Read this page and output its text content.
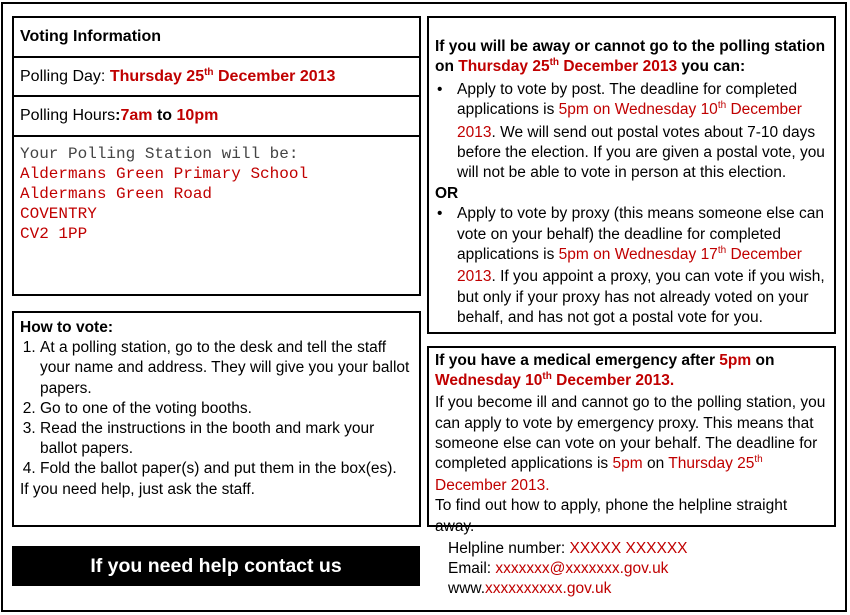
Voting Information
Polling Day:
Thursday 25th December 2013
Polling Hours : 7am to 10pm
Your Polling Station will be:
Aldermans Green Primary School
Aldermans Green Road
COVENTRY
CV2 1PP
How to vote:
1. At a polling station, go to the desk and tell the staff your name and address. They will give you your ballot papers.
2. Go to one of the voting booths.
3. Read the instructions in the booth and mark your ballot papers.
4. Fold the ballot paper(s) and put them in the box(es).
If you need help, just ask the staff.
If you will be away or cannot go to the polling station on Thursday 25th December 2013 you can:
• Apply to vote by post. The deadline for completed applications is 5pm on Wednesday 10th December 2013. We will send out postal votes about 7-10 days before the election. If you are given a postal vote, you will not be able to vote in person at this election.
OR
• Apply to vote by proxy (this means someone else can vote on your behalf) the deadline for completed applications is 5pm on Wednesday 17th December 2013. If you appoint a proxy, you can vote if you wish, but only if your proxy has not already voted on your behalf, and has not got a postal vote for you.
If you have a medical emergency after 5pm on
Wednesday 10th December 2013.
If you become ill and cannot go to the polling station, you can apply to vote by emergency proxy. This means that someone else can vote on your behalf. The deadline for completed applications is 5pm on Thursday 25th December 2013.
To find out how to apply, phone the helpline straight away.
If you need help contact us
Helpline number: XXXXX XXXXXX
Email: xxxxxxx@xxxxxxx.gov.uk
www.xxxxxxxxxx.gov.uk
